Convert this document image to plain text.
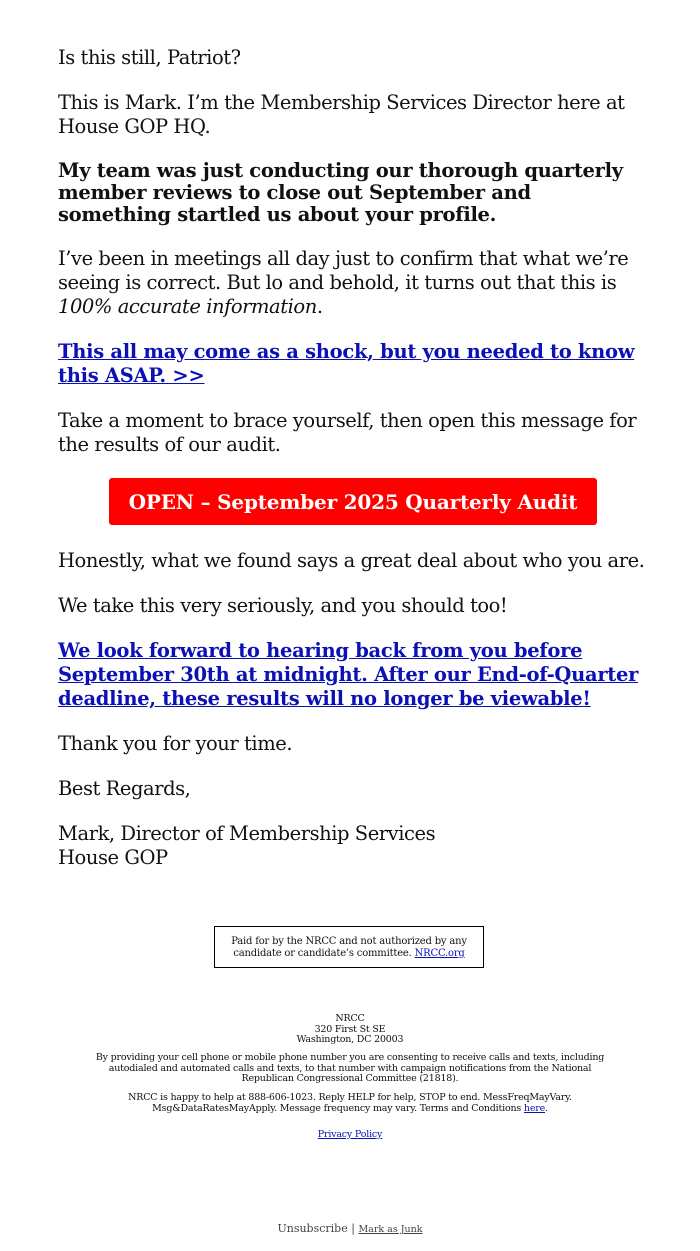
Is this still, Patriot?

This is Mark. I’m the Membership Services Director here at House GOP HQ.

My team was just conducting our thorough quarterly member reviews to close out September and something startled us about your profile.

I’ve been in meetings all day just to confirm that what we’re seeing is correct. But lo and behold, it turns out that this is 100% accurate information.

This all may come as a shock, but you needed to know this ASAP. >>

Take a moment to brace yourself, then open this message for the results of our audit.

OPEN – September 2025 Quarterly Audit

Honestly, what we found says a great deal about who you are.

We take this very seriously, and you should too!

We look forward to hearing back from you before September 30th at midnight. After our End-of-Quarter deadline, these results will no longer be viewable!

Thank you for your time.

Best Regards,

Mark, Director of Membership Services
House GOP
Paid for by the NRCC and not authorized by any candidate or candidate’s committee. NRCC.org
NRCC
320 First St SE
Washington, DC 20003
By providing your cell phone or mobile phone number you are consenting to receive calls and texts, including autodialed and automated calls and texts, to that number with campaign notifications from the National Republican Congressional Committee (21818).
NRCC is happy to help at 888-606-1023. Reply HELP for help, STOP to end. MessFreqMayVary. Msg&DataRatesMayApply. Message frequency may vary. Terms and Conditions here.
Privacy Policy
Unsubscribe | Mark as Junk
